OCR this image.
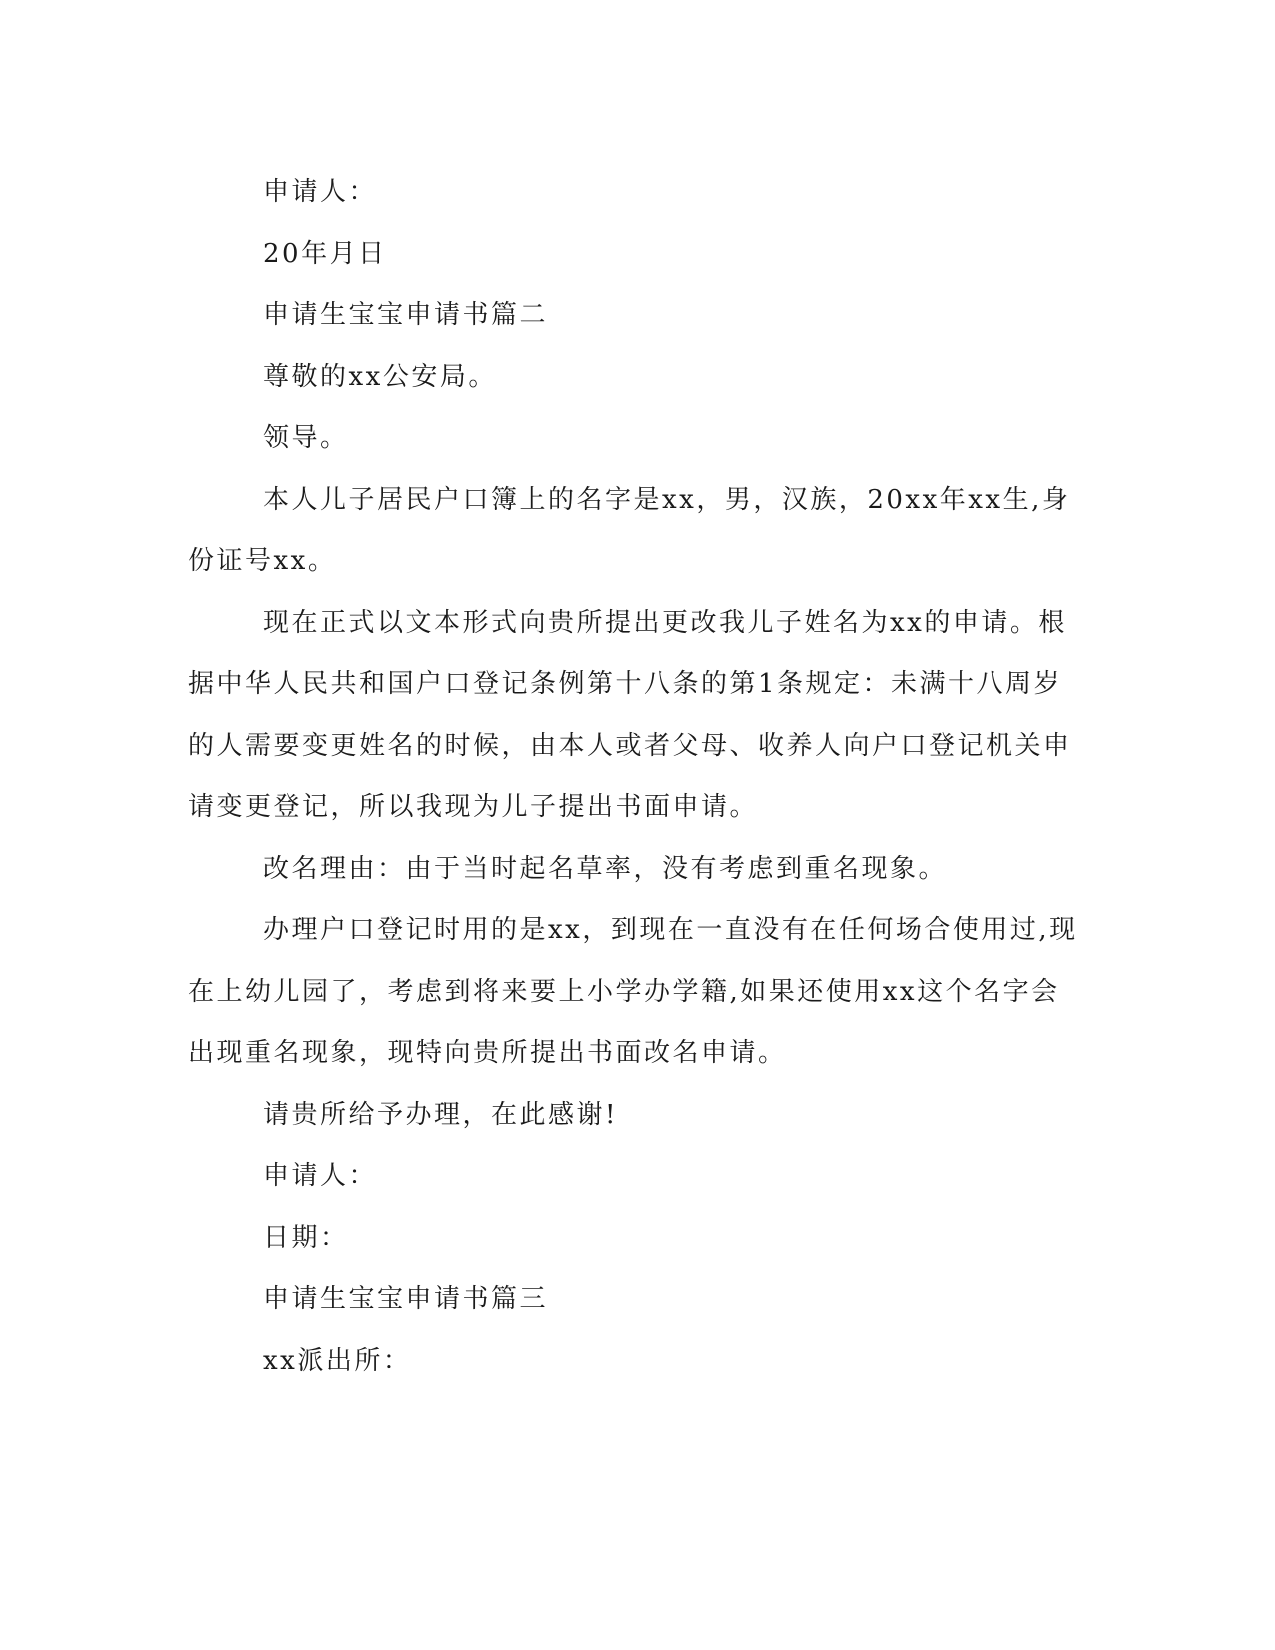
申请人：

20年月日

申请生宝宝申请书篇二

尊敬的xx公安局。

领导。

本人儿子居民户口簿上的名字是xx，男，汉族，20xx年xx生,身份证号xx。

现在正式以文本形式向贵所提出更改我儿子姓名为xx的申请。根据中华人民共和国户口登记条例第十八条的第1条规定：未满十八周岁的人需要变更姓名的时候，由本人或者父母、收养人向户口登记机关申请变更登记，所以我现为儿子提出书面申请。

改名理由：由于当时起名草率，没有考虑到重名现象。

办理户口登记时用的是xx，到现在一直没有在任何场合使用过,现在上幼儿园了，考虑到将来要上小学办学籍,如果还使用xx这个名字会出现重名现象，现特向贵所提出书面改名申请。

请贵所给予办理，在此感谢!

申请人：

日期：

申请生宝宝申请书篇三

xx派出所：
